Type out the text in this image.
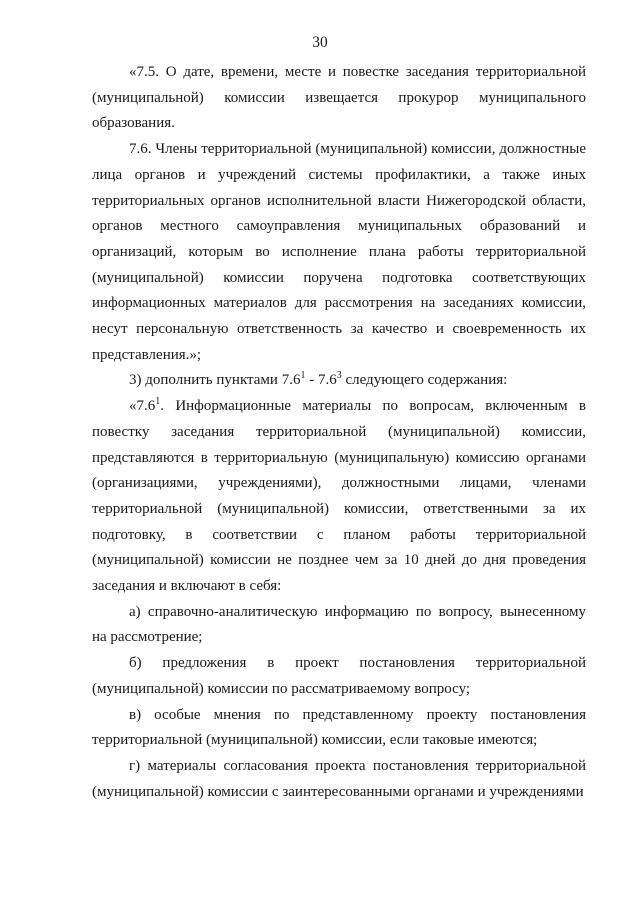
30

«7.5. О дате, времени, месте и повестке заседания территориальной (муниципальной) комиссии извещается прокурор муниципального образования.

7.6. Члены территориальной (муниципальной) комиссии, должностные лица органов и учреждений системы профилактики, а также иных территориальных органов исполнительной власти Нижегородской области, органов местного самоуправления муниципальных образований и организаций, которым во исполнение плана работы территориальной (муниципальной) комиссии поручена подготовка соответствующих информационных материалов для рассмотрения на заседаниях комиссии, несут персональную ответственность за качество и своевременность их представления.»;

3) дополнить пунктами $7.6^1 - 7.6^3$ следующего содержания:

«$7.6^1$. Информационные материалы по вопросам, включенным в повестку заседания территориальной (муниципальной) комиссии, представляются в территориальную (муниципальную) комиссию органами (организациями, учреждениями), должностными лицами, членами территориальной (муниципальной) комиссии, ответственными за их подготовку, в соответствии с планом работы территориальной (муниципальной) комиссии не позднее чем за 10 дней до дня проведения заседания и включают в себя:

а) справочно-аналитическую информацию по вопросу, вынесенному на рассмотрение;

б) предложения в проект постановления территориальной (муниципальной) комиссии по рассматриваемому вопросу;

в) особые мнения по представленному проекту постановления территориальной (муниципальной) комиссии, если таковые имеются;

г) материалы согласования проекта постановления территориальной (муниципальной) комиссии с заинтересованными органами и учреждениями
